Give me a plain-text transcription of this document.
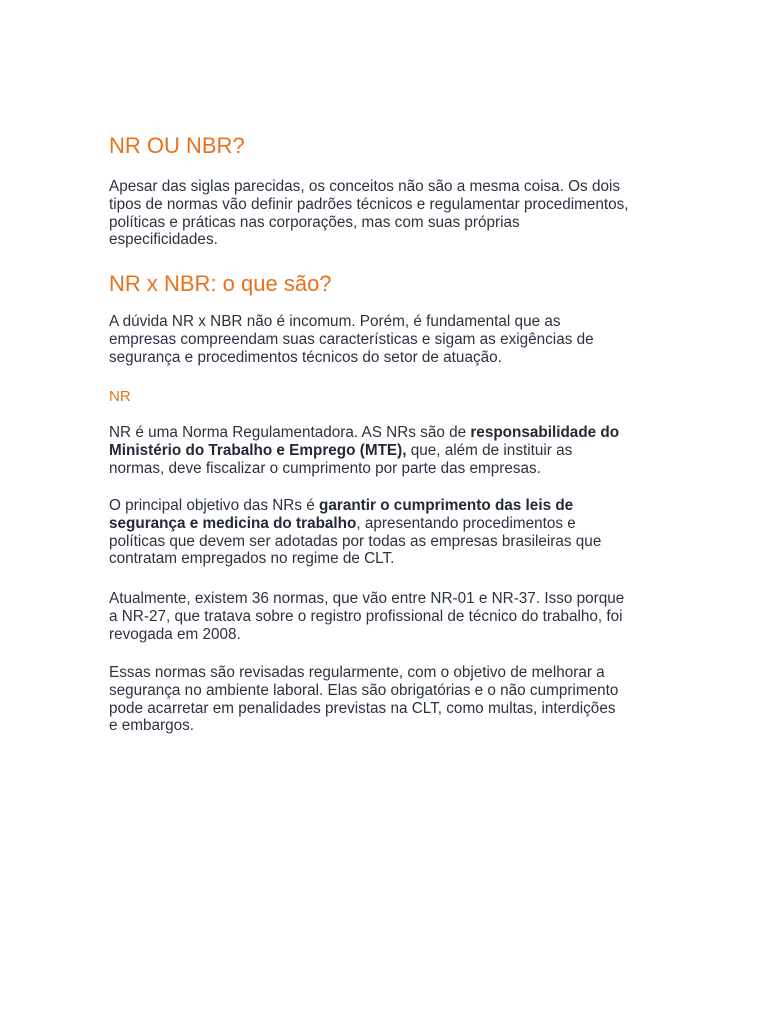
NR OU NBR?

Apesar das siglas parecidas, os conceitos não são a mesma coisa. Os dois
tipos de normas vão definir padrões técnicos e regulamentar procedimentos,
políticas e práticas nas corporações, mas com suas próprias
especificidades.

NR x NBR: o que são?

A dúvida NR x NBR não é incomum. Porém, é fundamental que as
empresas compreendam suas características e sigam as exigências de
segurança e procedimentos técnicos do setor de atuação.

NR

NR é uma Norma Regulamentadora. AS NRs são de responsabilidade do
Ministério do Trabalho e Emprego (MTE), que, além de instituir as
normas, deve fiscalizar o cumprimento por parte das empresas.

O principal objetivo das NRs é garantir o cumprimento das leis de
segurança e medicina do trabalho, apresentando procedimentos e
políticas que devem ser adotadas por todas as empresas brasileiras que
contratam empregados no regime de CLT.

Atualmente, existem 36 normas, que vão entre NR-01 e NR-37. Isso porque
a NR-27, que tratava sobre o registro profissional de técnico do trabalho, foi
revogada em 2008.

Essas normas são revisadas regularmente, com o objetivo de melhorar a
segurança no ambiente laboral. Elas são obrigatórias e o não cumprimento
pode acarretar em penalidades previstas na CLT, como multas, interdições
e embargos.
